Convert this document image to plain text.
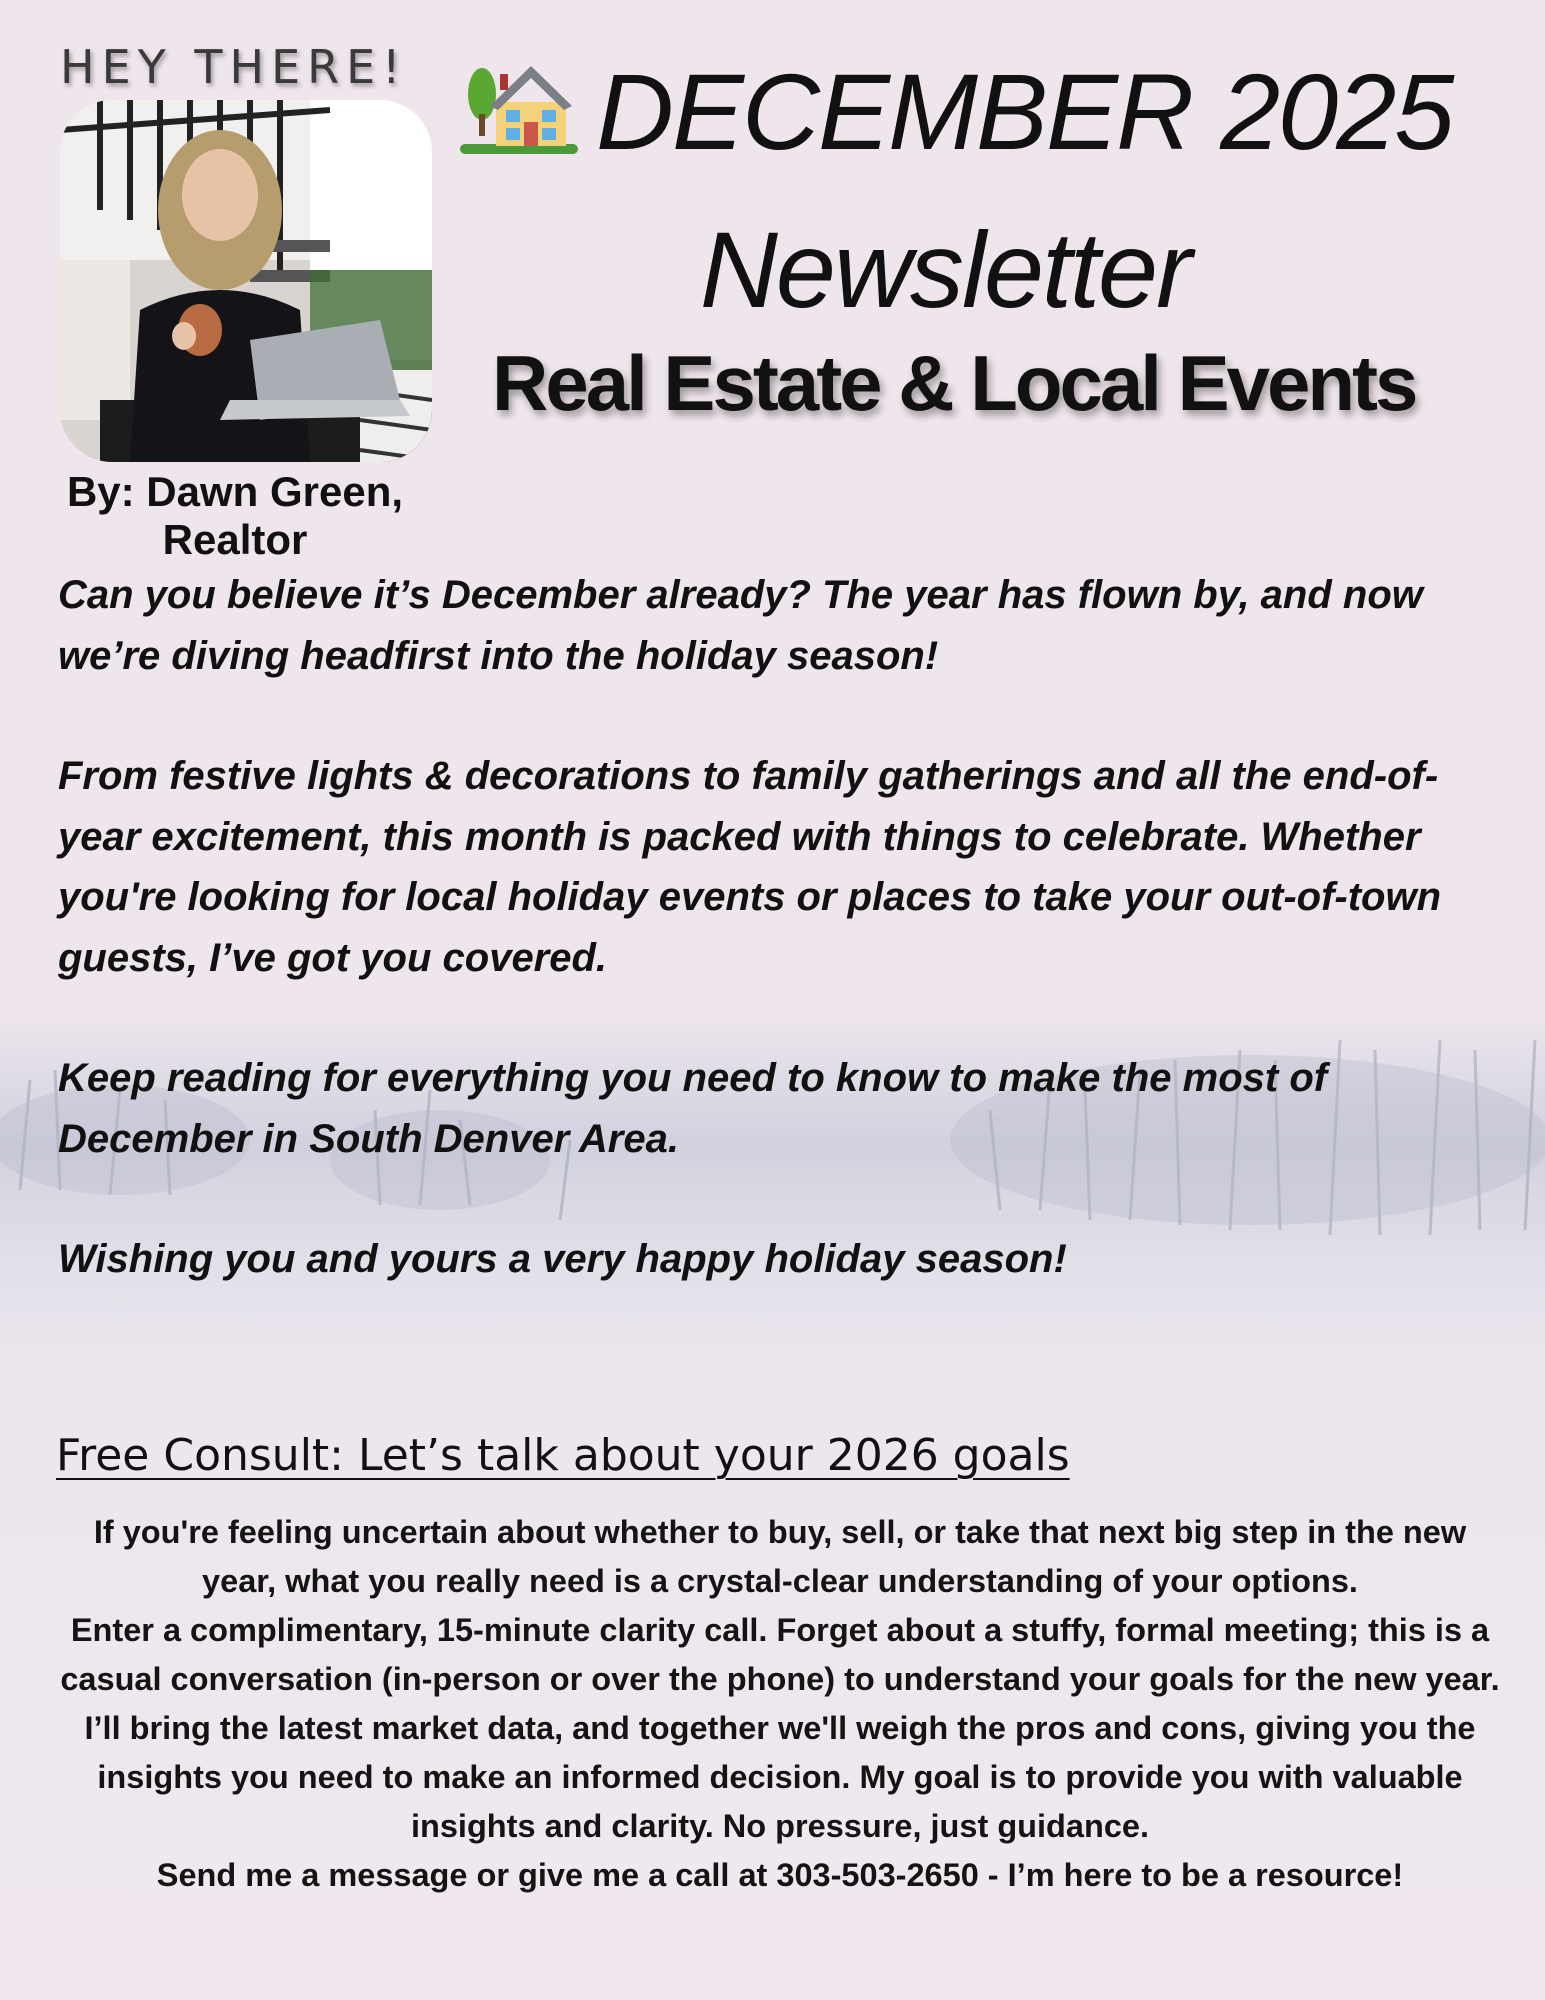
HEY THERE!
By: Dawn Green,
Realtor
DECEMBER 2025
Newsletter
Real Estate & Local Events

Can you believe it’s December already? The year has flown by, and now we’re diving headfirst into the holiday season!

From festive lights & decorations to family gatherings and all the end-of-year excitement, this month is packed with things to celebrate. Whether you're looking for local holiday events or places to take your out-of-town guests, I’ve got you covered.

Keep reading for everything you need to know to make the most of December in South Denver Area.

Wishing you and yours a very happy holiday season!

Free Consult: Let’s talk about your 2026 goals

If you're feeling uncertain about whether to buy, sell, or take that next big step in the new year, what you really need is a crystal-clear understanding of your options.

Enter a complimentary, 15-minute clarity call. Forget about a stuffy, formal meeting; this is a casual conversation (in-person or over the phone) to understand your goals for the new year.

I’ll bring the latest market data, and together we'll weigh the pros and cons, giving you the insights you need to make an informed decision. My goal is to provide you with valuable insights and clarity. No pressure, just guidance.

Send me a message or give me a call at 303-503-2650 - I’m here to be a resource!
